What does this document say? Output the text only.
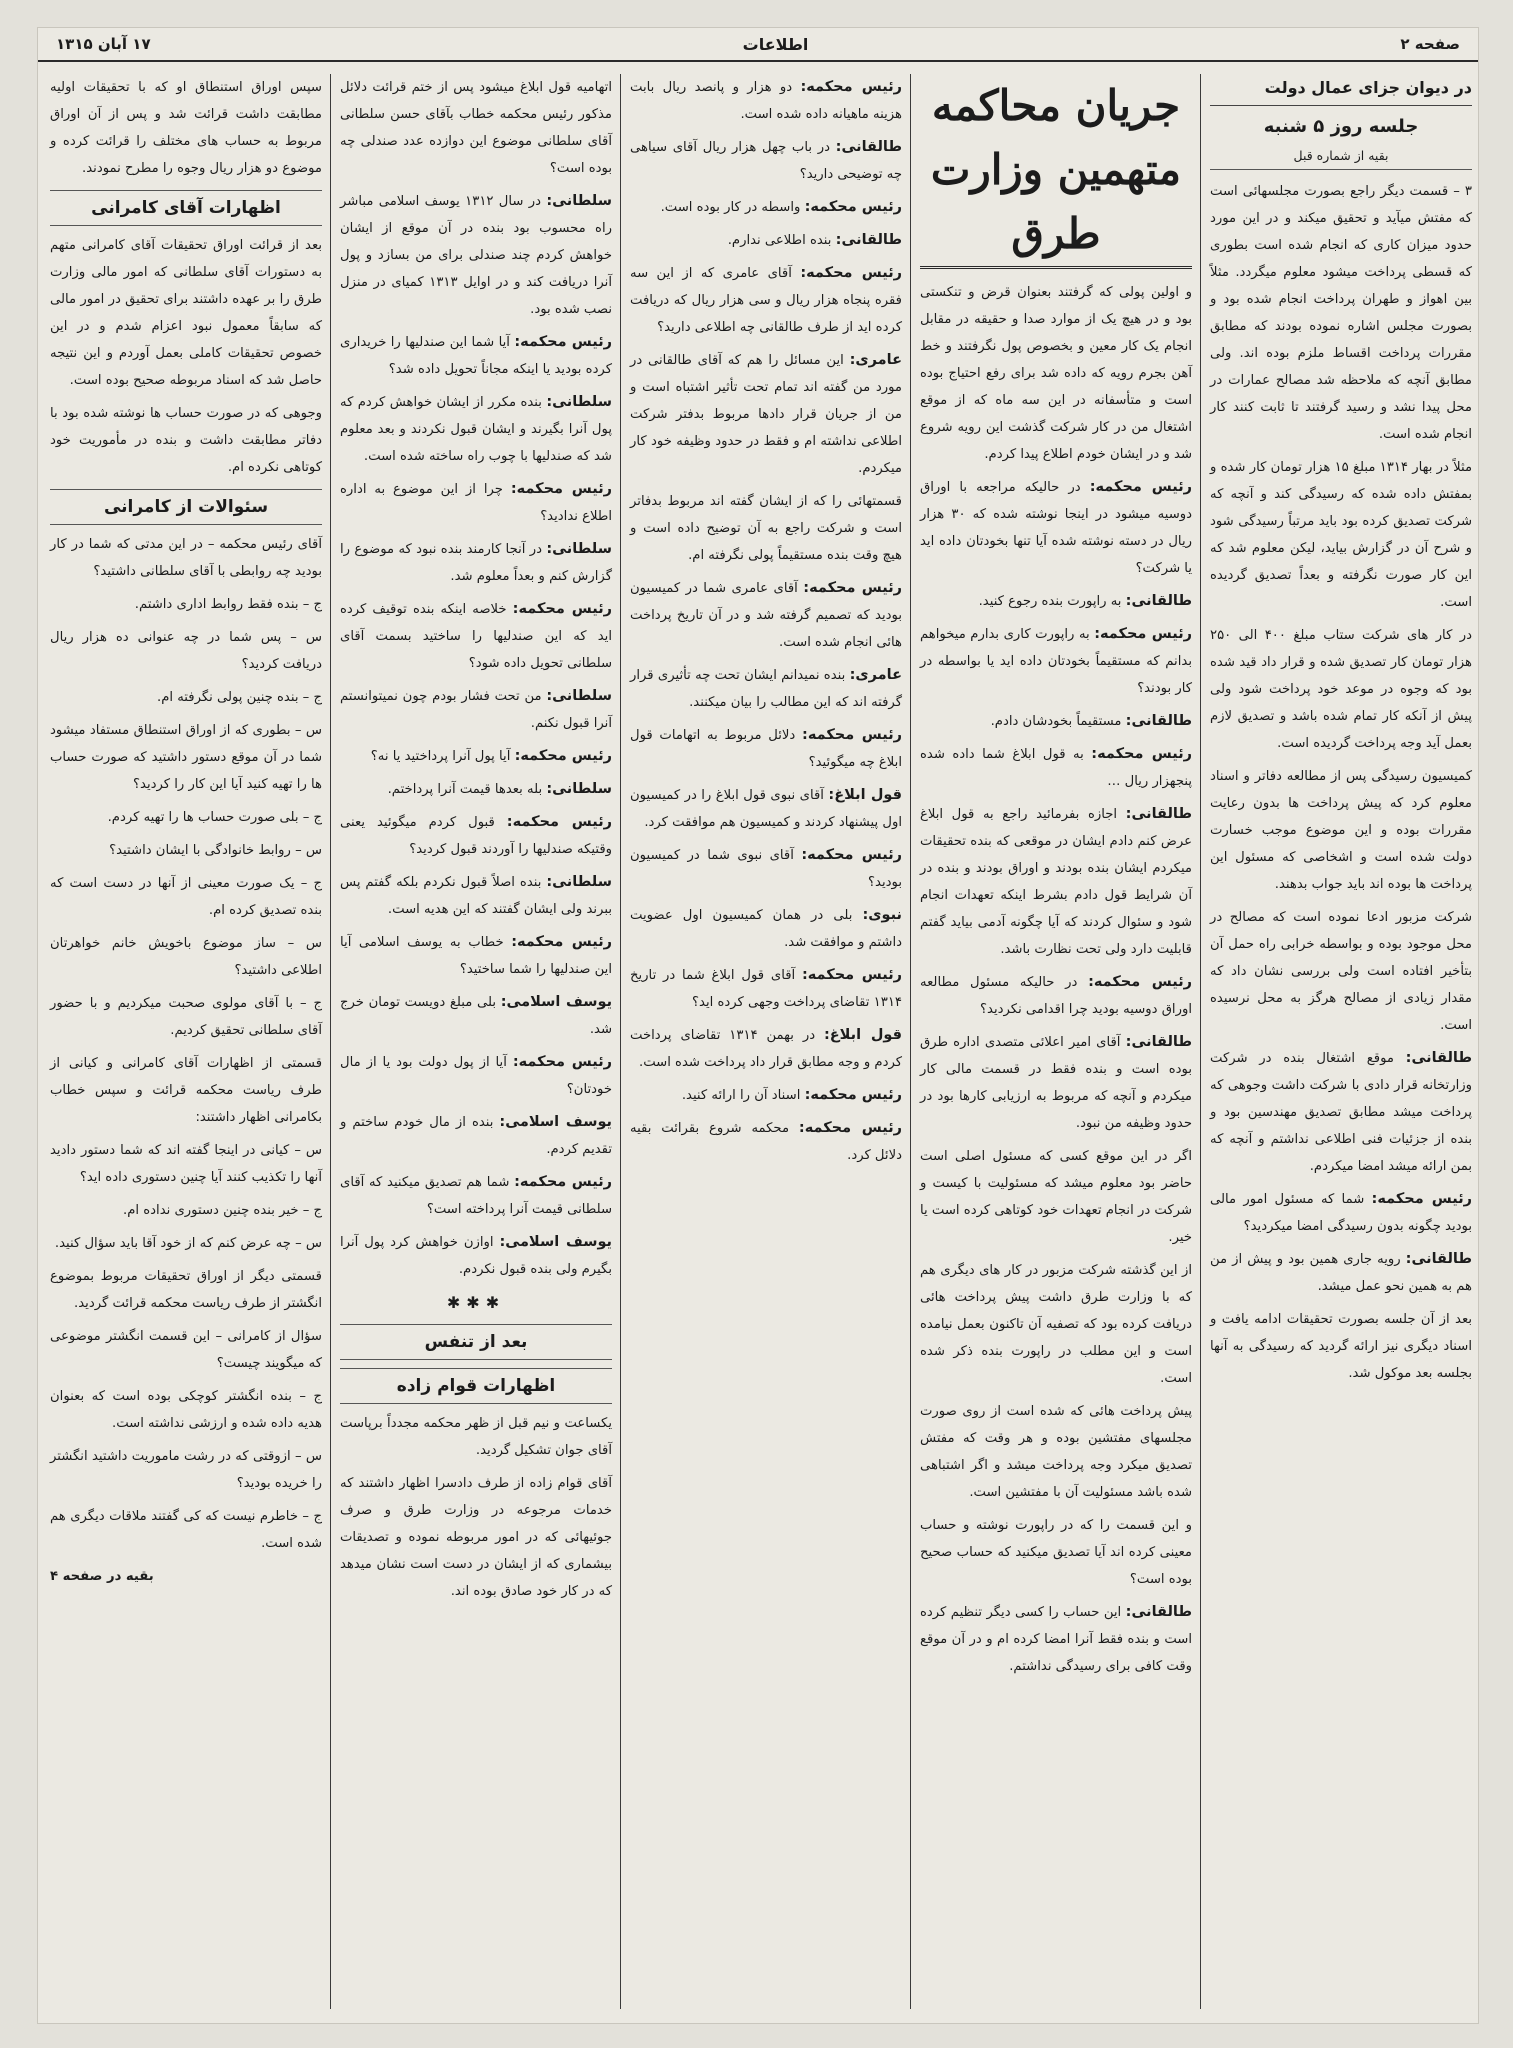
صفحه ۲
اطلاعات
۱۷ آبان ۱۳۱۵
در دیوان جزای عمال دولت
جلسه روز ۵ شنبه
بقیه از شماره قبل

۳ – قسمت دیگر راجع بصورت مجلسهائی است که مفتش میآید و تحقیق میکند و در این مورد حدود میزان کاری که انجام شده است بطوری که قسطی پرداخت میشود معلوم میگردد. مثلاً بین اهواز و طهران پرداخت انجام شده بود و بصورت مجلس اشاره نموده بودند که مطابق مقررات پرداخت اقساط ملزم بوده اند. ولی مطابق آنچه که ملاحظه شد مصالح عمارات در محل پیدا نشد و رسید گرفتند تا ثابت کنند کار انجام شده است.

مثلاً در بهار ۱۳۱۴ مبلغ ۱۵ هزار تومان کار شده و بمفتش داده شده که رسیدگی کند و آنچه که شرکت تصدیق کرده بود باید مرتباً رسیدگی شود و شرح آن در گزارش بیاید، لیکن معلوم شد که این کار صورت نگرفته و بعداً تصدیق گردیده است.

در کار های شرکت ستاب مبلغ ۴۰۰ الی ۲۵۰ هزار تومان کار تصدیق شده و قرار داد قید شده بود که وجوه در موعد خود پرداخت شود ولی پیش از آنکه کار تمام شده باشد و تصدیق لازم بعمل آید وجه پرداخت گردیده است.

کمیسیون رسیدگی پس از مطالعه دفاتر و اسناد معلوم کرد که پیش پرداخت ها بدون رعایت مقررات بوده و این موضوع موجب خسارت دولت شده است و اشخاصی که مسئول این پرداخت ها بوده اند باید جواب بدهند.

شرکت مزبور ادعا نموده است که مصالح در محل موجود بوده و بواسطه خرابی راه حمل آن بتأخیر افتاده است ولی بررسی نشان داد که مقدار زیادی از مصالح هرگز به محل نرسیده است.

طالقانی: موقع اشتغال بنده در شرکت وزارتخانه قرار دادی با شرکت داشت وجوهی که پرداخت میشد مطابق تصدیق مهندسین بود و بنده از جزئیات فنی اطلاعی نداشتم و آنچه که بمن ارائه میشد امضا میکردم.

رئیس محکمه: شما که مسئول امور مالی بودید چگونه بدون رسیدگی امضا میکردید؟

طالقانی: رویه جاری همین بود و پیش از من هم به همین نحو عمل میشد.

بعد از آن جلسه بصورت تحقیقات ادامه یافت و اسناد دیگری نیز ارائه گردید که رسیدگی به آنها بجلسه بعد موکول شد.

جریان محاکمه متهمین وزارت طرق

و اولین پولی که گرفتند بعنوان قرض و تنکستی بود و در هیچ یک از موارد صدا و حقیقه در مقابل انجام یک کار معین و بخصوص پول نگرفتند و خط آهن بجرم رویه که داده شد برای رفع احتیاج بوده است و متأسفانه در این سه ماه که از موقع اشتغال من در کار شرکت گذشت این رویه شروع شد و در ایشان خودم اطلاع پیدا کردم.

رئیس محکمه: در حالیکه مراجعه با اوراق دوسیه میشود در اینجا نوشته شده که ۳۰ هزار ریال در دسته نوشته شده آیا تنها بخودتان داده اید یا شرکت؟

طالقانی: به راپورت بنده رجوع کنید.

رئیس محکمه: به راپورت کاری بدارم میخواهم بدانم که مستقیماً بخودتان داده اید یا بواسطه در کار بودند؟

طالقانی: مستقیماً بخودشان دادم.

رئیس محکمه: به قول ابلاغ شما داده شده پنجهزار ریال …

طالقانی: اجازه بفرمائید راجع به قول ابلاغ عرض کنم دادم ایشان در موقعی که بنده تحقیقات میکردم ایشان بنده بودند و اوراق بودند و بنده در آن شرایط قول دادم بشرط اینکه تعهدات انجام شود و سئوال کردند که آیا چگونه آدمی بیاید گفتم قابلیت دارد ولی تحت نظارت باشد.

رئیس محکمه: در حالیکه مسئول مطالعه اوراق دوسیه بودید چرا اقدامی نکردید؟

طالقانی: آقای امیر اعلائی متصدی اداره طرق بوده است و بنده فقط در قسمت مالی کار میکردم و آنچه که مربوط به ارزیابی کارها بود در حدود وظیفه من نبود.

اگر در این موقع کسی که مسئول اصلی است حاضر بود معلوم میشد که مسئولیت با کیست و شرکت در انجام تعهدات خود کوتاهی کرده است یا خیر.

از این گذشته شرکت مزبور در کار های دیگری هم که با وزارت طرق داشت پیش پرداخت هائی دریافت کرده بود که تصفیه آن تاکنون بعمل نیامده است و این مطلب در راپورت بنده ذکر شده است.

پیش پرداخت هائی که شده است از روی صورت مجلسهای مفتشین بوده و هر وقت که مفتش تصدیق میکرد وجه پرداخت میشد و اگر اشتباهی شده باشد مسئولیت آن با مفتشین است.

و این قسمت را که در راپورت نوشته و حساب معینی کرده اند آیا تصدیق میکنید که حساب صحیح بوده است؟

طالقانی: این حساب را کسی دیگر تنظیم کرده است و بنده فقط آنرا امضا کرده ام و در آن موقع وقت کافی برای رسیدگی نداشتم.

رئیس محکمه: دو هزار و پانصد ریال بابت هزینه ماهیانه داده شده است.

طالقانی: در باب چهل هزار ریال آقای سیاهی چه توضیحی دارید؟

رئیس محکمه: واسطه در کار بوده است.

طالقانی: بنده اطلاعی ندارم.

رئیس محکمه: آقای عامری که از این سه فقره پنجاه هزار ریال و سی هزار ریال که دریافت کرده اید از طرف طالقانی چه اطلاعی دارید؟

عامری: این مسائل را هم که آقای طالقانی در مورد من گفته اند تمام تحت تأثیر اشتباه است و من از جریان قرار دادها مربوط بدفتر شرکت اطلاعی نداشته ام و فقط در حدود وظیفه خود کار میکردم.

قسمتهائی را که از ایشان گفته اند مربوط بدفاتر است و شرکت راجع به آن توضیح داده است و هیچ وقت بنده مستقیماً پولی نگرفته ام.

رئیس محکمه: آقای عامری شما در کمیسیون بودید که تصمیم گرفته شد و در آن تاریخ پرداخت هائی انجام شده است.

عامری: بنده نمیدانم ایشان تحت چه تأثیری قرار گرفته اند که این مطالب را بیان میکنند.

رئیس محکمه: دلائل مربوط به اتهامات قول ابلاغ چه میگوئید؟

قول ابلاغ: آقای نبوی قول ابلاغ را در کمیسیون اول پیشنهاد کردند و کمیسیون هم موافقت کرد.

رئیس محکمه: آقای نبوی شما در کمیسیون بودید؟

نبوی: بلی در همان کمیسیون اول عضویت داشتم و موافقت شد.

رئیس محکمه: آقای قول ابلاغ شما در تاریخ ۱۳۱۴ تقاضای پرداخت وجهی کرده اید؟

قول ابلاغ: در بهمن ۱۳۱۴ تقاضای پرداخت کردم و وجه مطابق قرار داد پرداخت شده است.

رئیس محکمه: اسناد آن را ارائه کنید.

رئیس محکمه: محکمه شروع بقرائت بقیه دلائل کرد.

اتهامیه قول ابلاغ میشود پس از ختم قرائت دلائل مذکور رئیس محکمه خطاب بآقای حسن سلطانی آقای سلطانی موضوع این دوازده عدد صندلی چه بوده است؟

سلطانی: در سال ۱۳۱۲ یوسف اسلامی مباشر راه محسوب بود بنده در آن موقع از ایشان خواهش کردم چند صندلی برای من بسازد و پول آنرا دریافت کند و در اوایل ۱۳۱۳ کمیای در منزل نصب شده بود.

رئیس محکمه: آیا شما این صندلیها را خریداری کرده بودید یا اینکه مجاناً تحویل داده شد؟

سلطانی: بنده مکرر از ایشان خواهش کردم که پول آنرا بگیرند و ایشان قبول نکردند و بعد معلوم شد که صندلیها با چوب راه ساخته شده است.

رئیس محکمه: چرا از این موضوع به اداره اطلاع ندادید؟

سلطانی: در آنجا کارمند بنده نبود که موضوع را گزارش کنم و بعداً معلوم شد.

رئیس محکمه: خلاصه اینکه بنده توقیف کرده اید که این صندلیها را ساختید بسمت آقای سلطانی تحویل داده شود؟

سلطانی: من تحت فشار بودم چون نمیتوانستم آنرا قبول نکنم.

رئیس محکمه: آیا پول آنرا پرداختید یا نه؟

سلطانی: بله بعدها قیمت آنرا پرداختم.

رئیس محکمه: قبول کردم میگوئید یعنی وقتیکه صندلیها را آوردند قبول کردید؟

سلطانی: بنده اصلاً قبول نکردم بلکه گفتم پس ببرند ولی ایشان گفتند که این هدیه است.

رئیس محکمه: خطاب به یوسف اسلامی آیا این صندلیها را شما ساختید؟

یوسف اسلامی: بلی مبلغ دویست تومان خرج شد.

رئیس محکمه: آیا از پول دولت بود یا از مال خودتان؟

یوسف اسلامی: بنده از مال خودم ساختم و تقدیم کردم.

رئیس محکمه: شما هم تصدیق میکنید که آقای سلطانی قیمت آنرا پرداخته است؟

یوسف اسلامی: اوازن خواهش کرد پول آنرا بگیرم ولی بنده قبول نکردم.

✱✱✱
بعد از تنفس
اظهارات قوام زاده

یکساعت و نیم قبل از ظهر محکمه مجدداً برپاست آقای جوان تشکیل گردید.

آقای قوام زاده از طرف دادسرا اظهار داشتند که خدمات مرجوعه در وزارت طرق و صرف جوئیهائی که در امور مربوطه نموده و تصدیقات بیشماری که از ایشان در دست است نشان میدهد که در کار خود صادق بوده اند.

سپس اوراق استنطاق او که با تحقیقات اولیه مطابقت داشت قرائت شد و پس از آن اوراق مربوط به حساب های مختلف را قرائت کرده و موضوع دو هزار ریال وجوه را مطرح نمودند.

اظهارات آقای کامرانی

بعد از قرائت اوراق تحقیقات آقای کامرانی متهم به دستورات آقای سلطانی که امور مالی وزارت طرق را بر عهده داشتند برای تحقیق در امور مالی که سابقاً معمول نبود اعزام شدم و در این خصوص تحقیقات کاملی بعمل آوردم و این نتیجه حاصل شد که اسناد مربوطه صحیح بوده است.

وجوهی که در صورت حساب ها نوشته شده بود با دفاتر مطابقت داشت و بنده در مأموریت خود کوتاهی نکرده ام.

سئوالات از کامرانی

آقای رئیس محکمه – در این مدتی که شما در کار بودید چه روابطی با آقای سلطانی داشتید؟

ج – بنده فقط روابط اداری داشتم.

س – پس شما در چه عنوانی ده هزار ریال دریافت کردید؟

ج – بنده چنین پولی نگرفته ام.

س – بطوری که از اوراق استنطاق مستفاد میشود شما در آن موقع دستور داشتید که صورت حساب ها را تهیه کنید آیا این کار را کردید؟

ج – بلی صورت حساب ها را تهیه کردم.

س – روابط خانوادگی با ایشان داشتید؟

ج – یک صورت معینی از آنها در دست است که بنده تصدیق کرده ام.

س – ساز موضوع باخویش خانم خواهرتان اطلاعی داشتید؟

ج – با آقای مولوی صحبت میکردیم و با حضور آقای سلطانی تحقیق کردیم.

قسمتی از اظهارات آقای کامرانی و کیانی از طرف ریاست محکمه قرائت و سپس خطاب بکامرانی اظهار داشتند:

س – کیانی در اینجا گفته اند که شما دستور دادید آنها را تکذیب کنند آیا چنین دستوری داده اید؟

ج – خیر بنده چنین دستوری نداده ام.

س – چه عرض کنم که از خود آقا باید سؤال کنید.

قسمتی دیگر از اوراق تحقیقات مربوط بموضوع انگشتر از طرف ریاست محکمه قرائت گردید.

سؤال از کامرانی – این قسمت انگشتر موضوعی که میگویند چیست؟

ج – بنده انگشتر کوچکی بوده است که بعنوان هدیه داده شده و ارزشی نداشته است.

س – ازوقتی که در رشت ماموریت داشتید انگشتر را خریده بودید؟

ج – خاطرم نیست که کی گفتند ملاقات دیگری هم شده است.

بقیه در صفحه ۴
